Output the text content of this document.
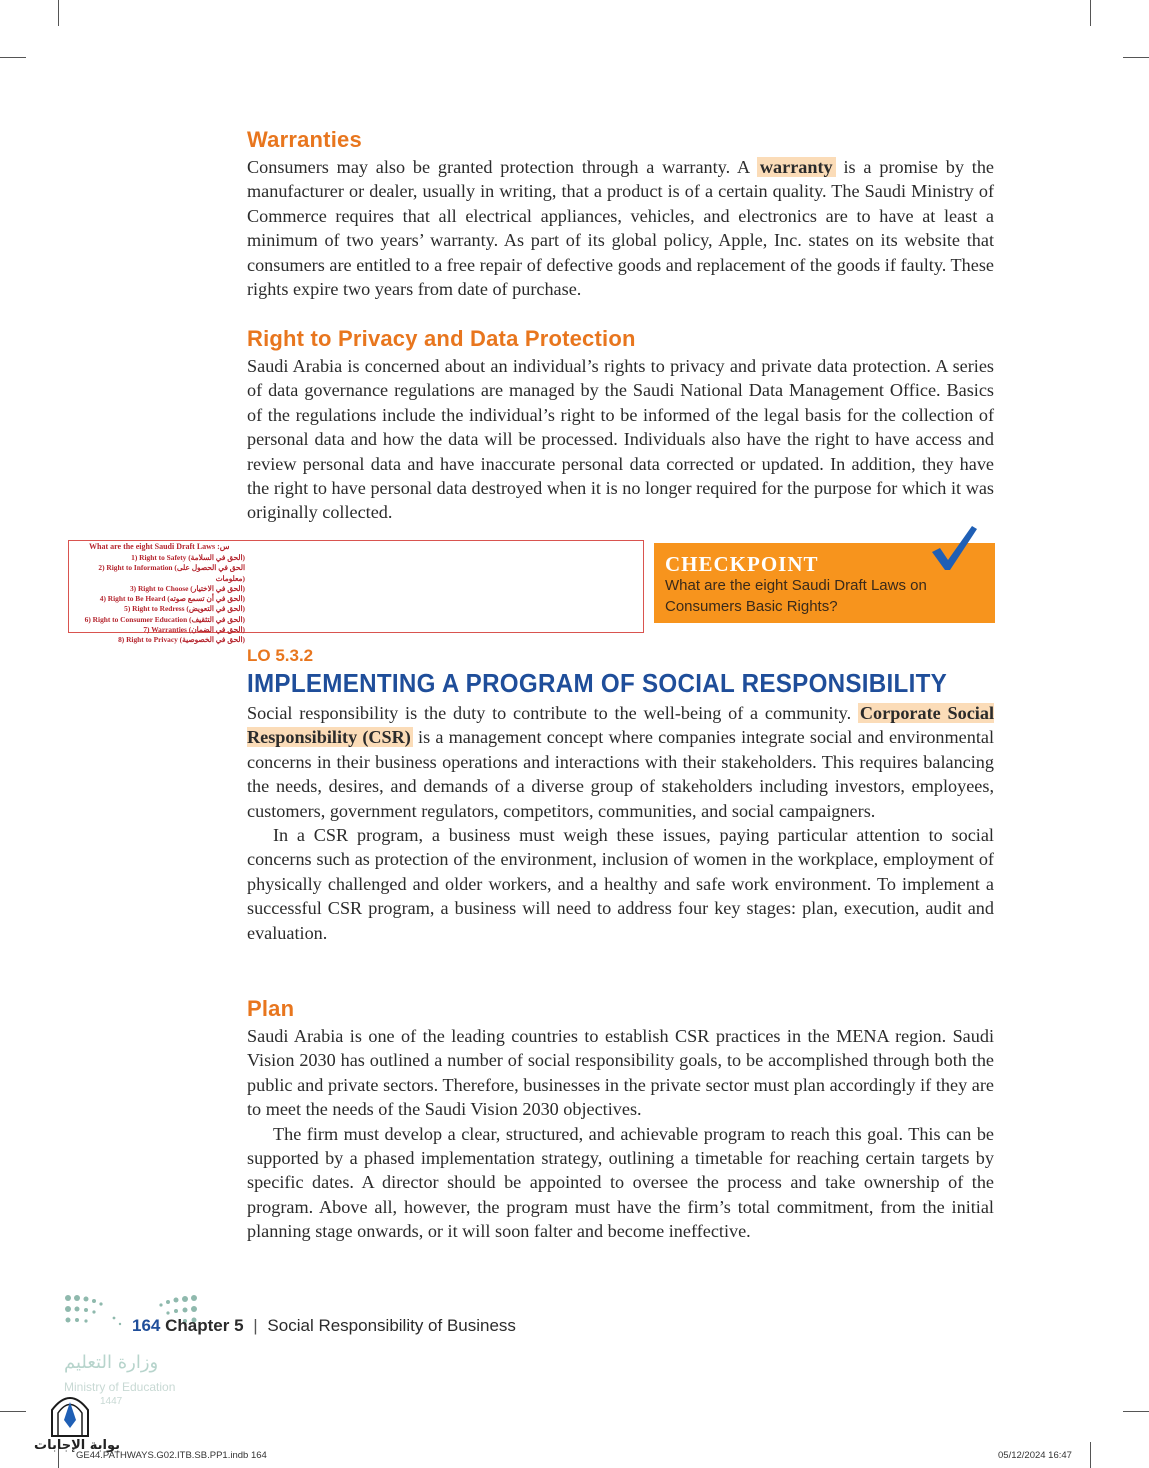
Warranties

Consumers may also be granted protection through a warranty. A warranty is a promise by the manufacturer or dealer, usually in writing, that a product is of a certain quality. The Saudi Ministry of Commerce requires that all electrical appliances, vehicles, and electronics are to have at least a minimum of two years’ warranty. As part of its global policy, Apple, Inc. states on its website that consumers are entitled to a free repair of defective goods and replacement of the goods if faulty. These rights expire two years from date of purchase.

Right to Privacy and Data Protection

Saudi Arabia is concerned about an individual’s rights to privacy and private data protection. A series of data governance regulations are managed by the Saudi National Data Management Office. Basics of the regulations include the individual’s right to be informed of the legal basis for the collection of personal data and how the data will be processed. Individuals also have the right to have access and review personal data and have inaccurate personal data corrected or updated. In addition, they have the right to have personal data destroyed when it is no longer required for the purpose for which it was originally collected.

What are the eight Saudi Draft Laws :س
1) Right to Safety (الحق في السلامة)
2) Right to Information (الحق في الحصول على معلومات)
3) Right to Choose (الحق في الاختيار)
4) Right to Be Heard (الحق في أن تسمع صوته)
5) Right to Redress (الحق في التعويض)
6) Right to Consumer Education (الحق في التثقيف)
7) Warranties (الحق في الضمان)
8) Right to Privacy (الحق في الخصوصية)
CHECKPOINT
What are the eight Saudi Draft Laws on Consumers Basic Rights?
LO 5.3.2
IMPLEMENTING A PROGRAM OF SOCIAL RESPONSIBILITY

Social responsibility is the duty to contribute to the well-being of a community. Corporate Social Responsibility (CSR) is a management concept where companies integrate social and environmental concerns in their business operations and interactions with their stakeholders. This requires balancing the needs, desires, and demands of a diverse group of stakeholders including investors, employees, customers, government regulators, competitors, communities, and social campaigners.

In a CSR program, a business must weigh these issues, paying particular attention to social concerns such as protection of the environment, inclusion of women in the workplace, employment of physically challenged and older workers, and a healthy and safe work environment. To implement a successful CSR program, a business will need to address four key stages: plan, execution, audit and evaluation.

Plan

Saudi Arabia is one of the leading countries to establish CSR practices in the MENA region. Saudi Vision 2030 has outlined a number of social responsibility goals, to be accomplished through both the public and private sectors. Therefore, businesses in the private sector must plan accordingly if they are to meet the needs of the Saudi Vision 2030 objectives.

The firm must develop a clear, structured, and achievable program to reach this goal. This can be supported by a phased implementation strategy, outlining a timetable for reaching certain targets by specific dates. A director should be appointed to oversee the process and take ownership of the program. Above all, however, the program must have the firm’s total commitment, from the initial planning stage onwards, or it will soon falter and become ineffective.

164 Chapter 5 | Social Responsibility of Business
وزارة التعليم
Ministry of Education
1447
بوابة الإجابات
GE44.PATHWAYS.G02.ITB.SB.PP1.indb 164	05/12/2024 16:47
